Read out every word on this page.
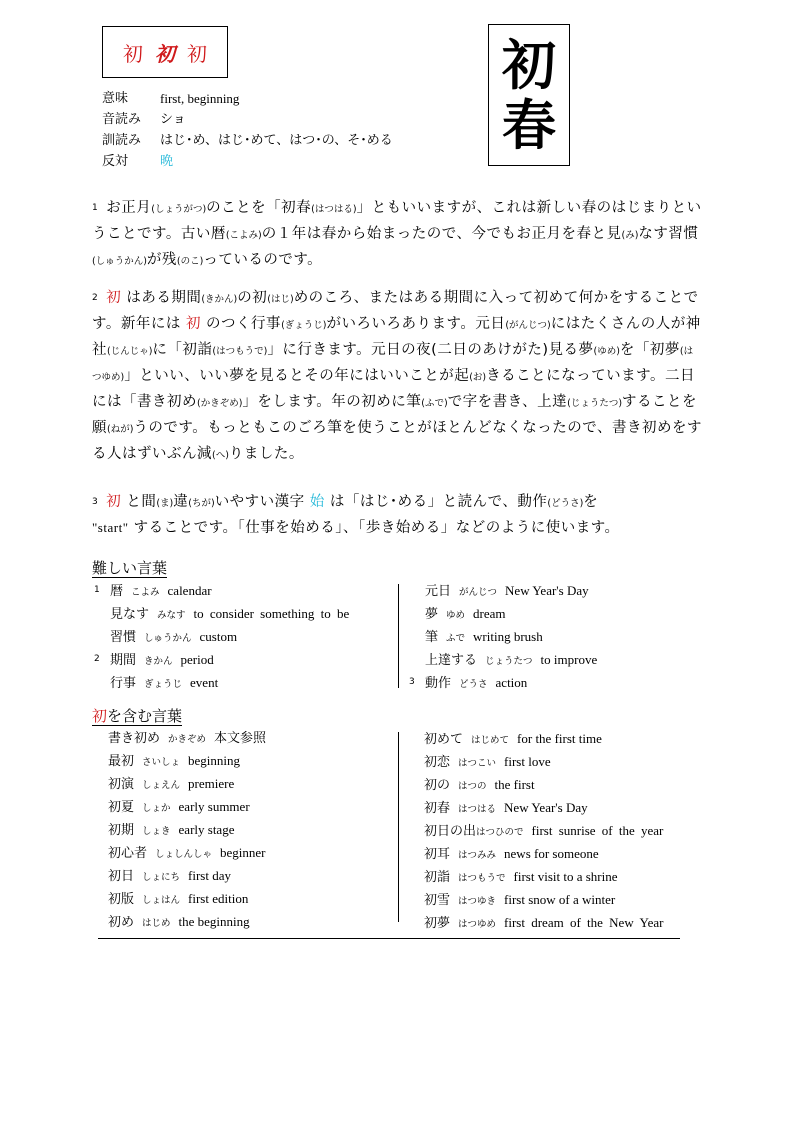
初 初 初
意味	first, beginning
音読み	ショ
訓読み	はじ･め、はじ･めて、はつ･の、そ･める
反対	晩
初
春
$^1$ お正月(しょうがつ)のことを「初春(はつはる)」ともいいますが、これは新しい春のはじまりということです。古い暦(こよみ)の１年は春から始まったので、今でもお正月を春と見(み)なす習慣(しゅうかん)が残(のこ)っているのです。
$^2$ 初 はある期間(きかん)の初(はじ)めのころ、またはある期間に入って初めて何かをすることです。新年には 初 のつく行事(ぎょうじ)がいろいろあります。元日(がんじつ)にはたくさんの人が神社(じんじゃ)に「初詣(はつもうで)」に行きます。元日の夜(二日のあけがた)見る夢(ゆめ)を「初夢(はつゆめ)」といい、いい夢を見るとその年にはいいことが起(お)きることになっています。二日には「書き初め(かきぞめ)」をします。年の初めに筆(ふで)で字を書き、上達(じょうたつ)することを願(ねが)うのです。もっともこのごろ筆を使うことがほとんどなくなったので、書き初めをする人はずいぶん減(へ)りました。
$^3$ 初 と間(ま)違(ちが)いやすい漢字 始 は「はじ･める」と読んで、動作(どうさ)を
"start" することです。「仕事を始める」、「歩き始める」などのように使います。
難しい言葉
1 暦 こよみ calendar
見なす みなす to consider something to be
習慣 しゅうかん custom
2 期間 きかん period
行事 ぎょうじ event
元日 がんじつ New Year's Day
夢 ゆめ dream
筆 ふで writing brush
上達する じょうたつ to improve
3 動作 どうさ action
初を含む言葉
書き初め かきぞめ 本文参照
最初 さいしょ beginning
初演 しょえん premiere
初夏 しょか early summer
初期 しょき early stage
初心者 しょしんしゃ beginner
初日 しょにち first day
初版 しょはん first edition
初め はじめ the beginning
初めて はじめて for the first time
初恋 はつこい first love
初の はつの the first
初春 はつはる New Year's Day
初日の出はつひので first sunrise of the year
初耳 はつみみ news for someone
初詣 はつもうで first visit to a shrine
初雪 はつゆき first snow of a winter
初夢 はつゆめ first dream of the New Year
